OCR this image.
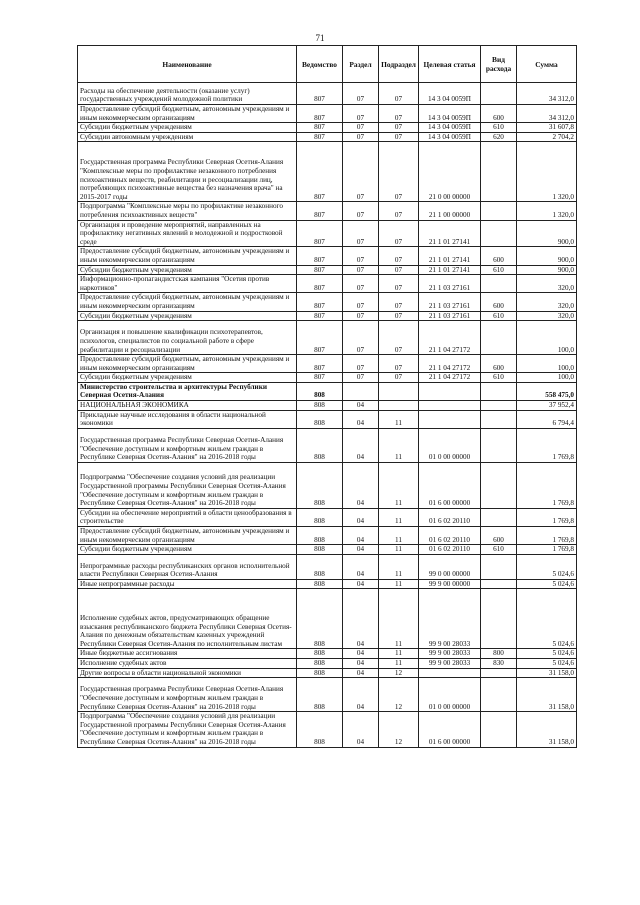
71
Наименование	Ведомство	Раздел	Подраздел	Целевая статья	Вид расхода	Сумма
Расходы на обеспечение деятельности (оказание услуг) государственных учреждений молодежной политики	807	07	07	14 3 04 0059П		34 312,0
Предоставление субсидий бюджетным, автономным учреждениям и иным некоммерческим организациям	807	07	07	14 3 04 0059П	600	34 312,0
Субсидии бюджетным учреждениям	807	07	07	14 3 04 0059П	610	31 607,8
Субсидии автономным учреждениям	807	07	07	14 3 04 0059П	620	2 704,2
Государственная программа Республики Северная Осетия-Алания "Комплексные меры по профилактике незаконного потребления психоактивных веществ, реабилитации и ресоциализации лиц, потребляющих психоактивные вещества без назначения врача" на 2015-2017 годы	807	07	07	21 0 00 00000		1 320,0
Подпрограмма "Комплексные меры по профилактике незаконного потребления психоактивных веществ"	807	07	07	21 1 00 00000		1 320,0
Организация и проведение мероприятий, направленных на профилактику негативных явлений в молодежной и подростковой среде	807	07	07	21 1 01 27141		900,0
Предоставление субсидий бюджетным, автономным учреждениям и иным некоммерческим организациям	807	07	07	21 1 01 27141	600	900,0
Субсидии бюджетным учреждениям	807	07	07	21 1 01 27141	610	900,0
Информационно-пропагандистская кампания "Осетия против наркотиков"	807	07	07	21 1 03 27161		320,0
Предоставление субсидий бюджетным, автономным учреждениям и иным некоммерческим организациям	807	07	07	21 1 03 27161	600	320,0
Субсидии бюджетным учреждениям	807	07	07	21 1 03 27161	610	320,0
Организация и повышение квалификации психотерапевтов, психологов, специалистов по социальной работе в сфере реабилитации и ресоциализации	807	07	07	21 1 04 27172		100,0
Предоставление субсидий бюджетным, автономным учреждениям и иным некоммерческим организациям	807	07	07	21 1 04 27172	600	100,0
Субсидии бюджетным учреждениям	807	07	07	21 1 04 27172	610	100,0
Министерство строительства и архитектуры Республики Северная Осетия-Алания	808					558 475,0
НАЦИОНАЛЬНАЯ ЭКОНОМИКА	808	04				37 952,4
Прикладные научные исследования в области национальной экономики	808	04	11			6 794,4
Государственная программа Республики Северная Осетия-Алания "Обеспечение доступным и комфортным жильем граждан в Республике Северная Осетия-Алания" на 2016-2018 годы	808	04	11	01 0 00 00000		1 769,8
Подпрограмма "Обеспечение создания условий для реализации Государственной программы Республики Северная Осетия-Алания "Обеспечение доступным и комфортным жильем граждан в Республике Северная Осетия-Алания" на 2016-2018 годы	808	04	11	01 6 00 00000		1 769,8
Субсидии на обеспечение мероприятий в области ценообразования в строительстве	808	04	11	01 6 02 20110		1 769,8
Предоставление субсидий бюджетным, автономным учреждениям и иным некоммерческим организациям	808	04	11	01 6 02 20110	600	1 769,8
Субсидии бюджетным учреждениям	808	04	11	01 6 02 20110	610	1 769,8
Непрограммные расходы республиканских органов исполнительной власти Республики Северная Осетия-Алания	808	04	11	99 0 00 00000		5 024,6
Иные непрограммные расходы	808	04	11	99 9 00 00000		5 024,6
Исполнение судебных актов, предусматривающих обращение взыскания республиканского бюджета Республики Северная Осетия-Алания по денежным обязательствам казенных учреждений Республики Северная Осетия-Алания по исполнительным листам	808	04	11	99 9 00 28033		5 024,6
Иные бюджетные ассигнования	808	04	11	99 9 00 28033	800	5 024,6
Исполнение судебных актов	808	04	11	99 9 00 28033	830	5 024,6
Другие вопросы в области национальной экономики	808	04	12			31 158,0
Государственная программа Республики Северная Осетия-Алания "Обеспечение доступным и комфортным жильем граждан в Республике Северная Осетия-Алания" на 2016-2018 годы	808	04	12	01 0 00 00000		31 158,0
Подпрограмма "Обеспечение создания условий для реализации Государственной программы Республики Северная Осетия-Алания "Обеспечение доступным и комфортным жильем граждан в Республике Северная Осетия-Алания" на 2016-2018 годы	808	04	12	01 6 00 00000		31 158,0
